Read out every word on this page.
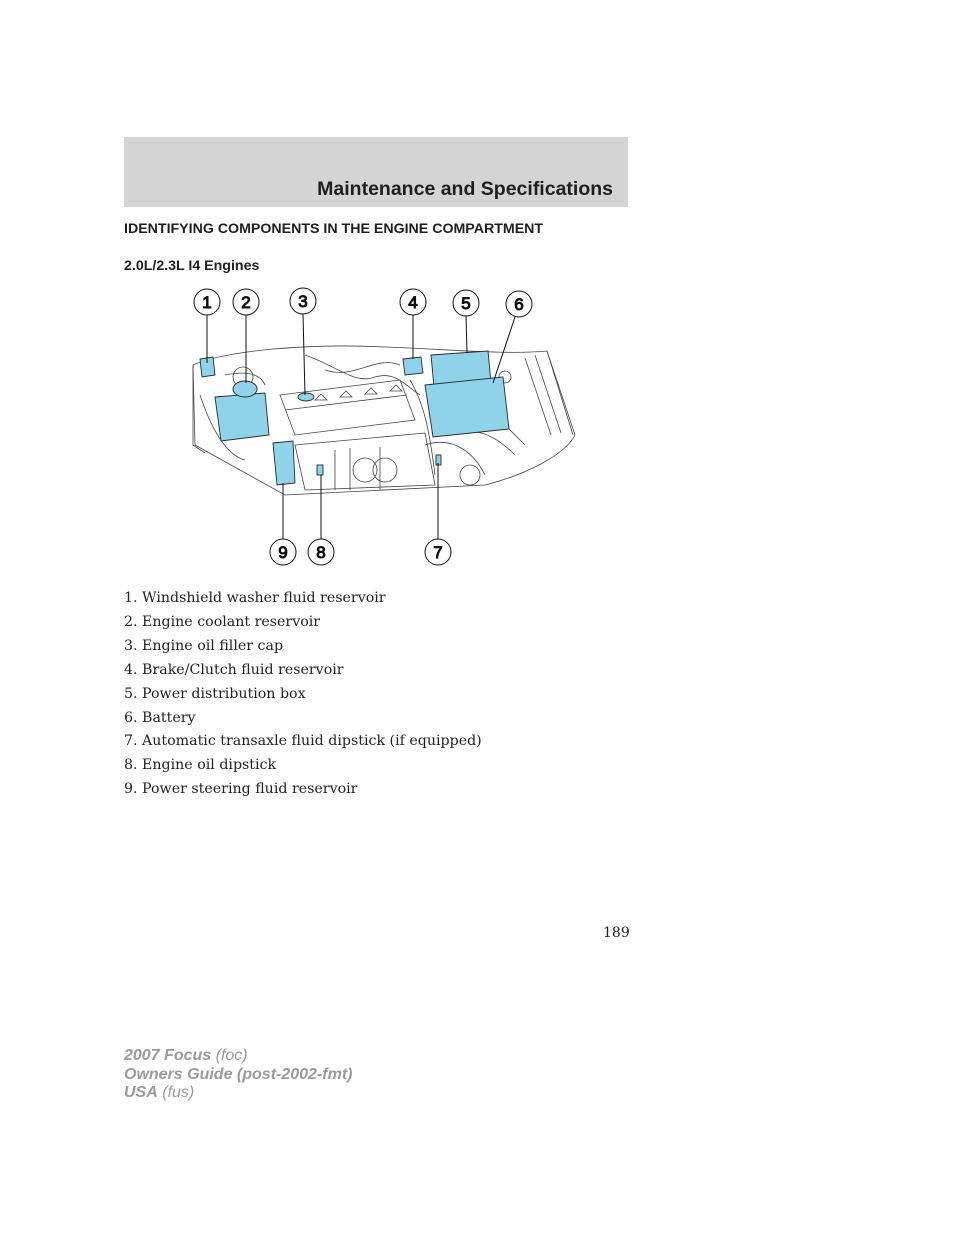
Maintenance and Specifications
IDENTIFYING COMPONENTS IN THE ENGINE COMPARTMENT
2.0L/2.3L I4 Engines
1 2	3	4	5	6
7
8
9
1. Windshield washer fluid reservoir
2. Engine coolant reservoir
3. Engine oil filler cap
4. Brake/Clutch fluid reservoir
5. Power distribution box
6. Battery
7. Automatic transaxle fluid dipstick (if equipped)
8. Engine oil dipstick
9. Power steering fluid reservoir
189
2007 Focus (foc)
Owners Guide (post-2002-fmt)
USA (fus)
